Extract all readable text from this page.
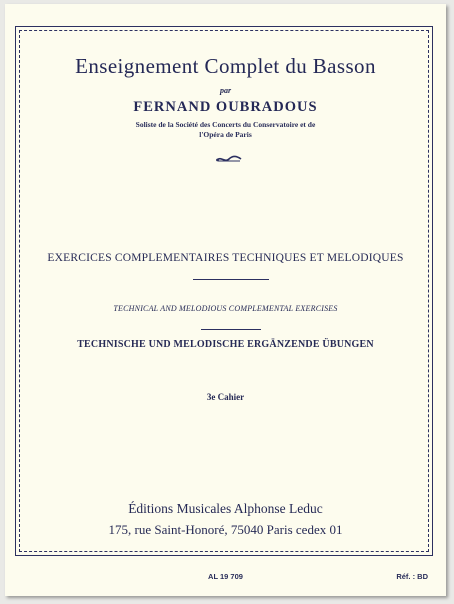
Enseignement Complet du Basson
par
FERNAND OUBRADOUS
Soliste de la Société des Concerts du Conservatoire et de
l'Opéra de Paris
EXERCICES COMPLEMENTAIRES TECHNIQUES ET MELODIQUES
TECHNICAL AND MELODIOUS COMPLEMENTAL EXERCISES
TECHNISCHE UND MELODISCHE ERGÄNZENDE ÜBUNGEN
3e Cahier
Éditions Musicales Alphonse Leduc
175, rue Saint-Honoré, 75040 Paris cedex 01
AL 19 709	Réf. : BD
